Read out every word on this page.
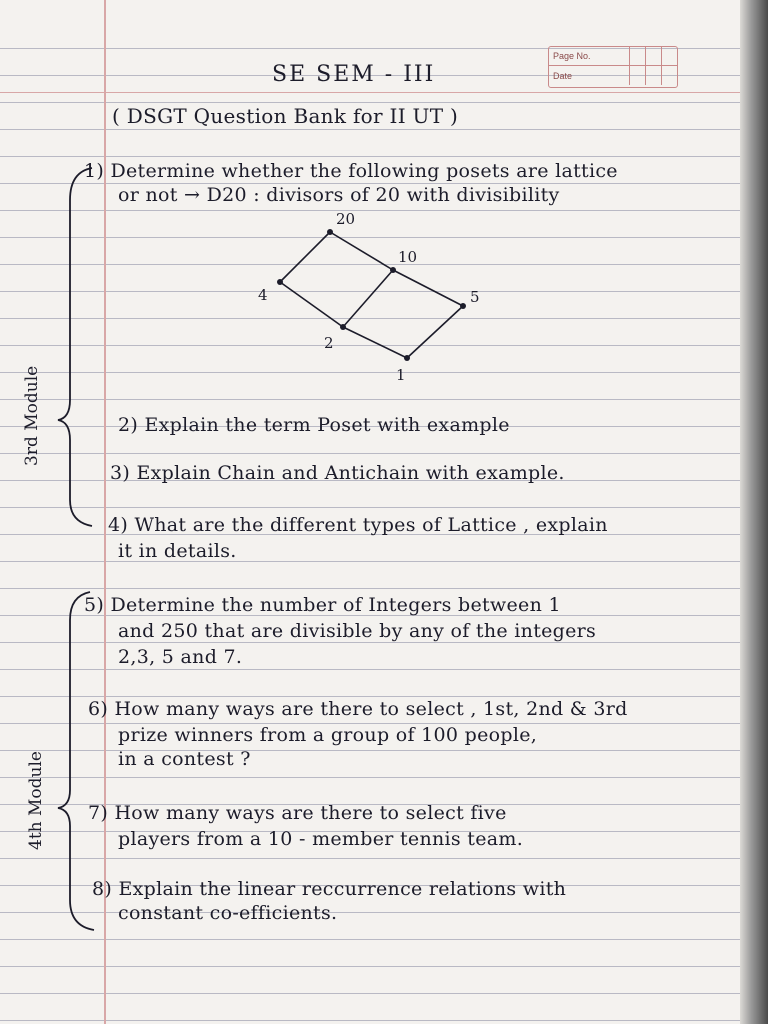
Page No.
Date
SE SEM - III
( DSGT Question Bank for II UT )
1) Determine whether the following posets are lattice
or not → D20 : divisors of 20 with divisibility
20
10
4	5
2
1
3rd Module
4th Module
2) Explain the term Poset with example
3) Explain Chain and Antichain with example.
4) What are the different types of Lattice , explain
it in details.
5) Determine the number of Integers between 1
and 250 that are divisible by any of the integers
2,3, 5 and 7.
6) How many ways are there to select , 1st, 2nd & 3rd
prize winners from a group of 100 people,
in a contest ?
7) How many ways are there to select five
players from a 10 - member tennis team.
8) Explain the linear reccurrence relations with
constant co-efficients.
